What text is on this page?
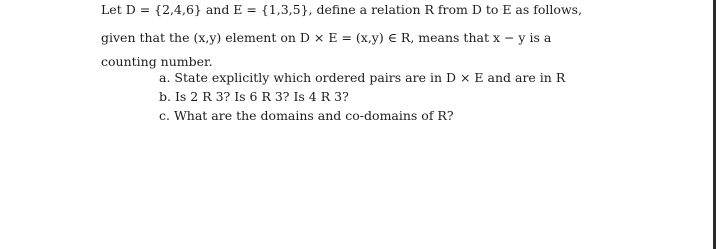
Let D = {2,4,6} and E = {1,3,5}, define a relation R from D to E as follows,
given that the (x,y) element on D × E = (x,y) ∈ R, means that x − y is a
counting number.
a. State explicitly which ordered pairs are in D × E and are in R
b. Is 2 R 3? Is 6 R 3? Is 4 R 3?
c. What are the domains and co-domains of R?
